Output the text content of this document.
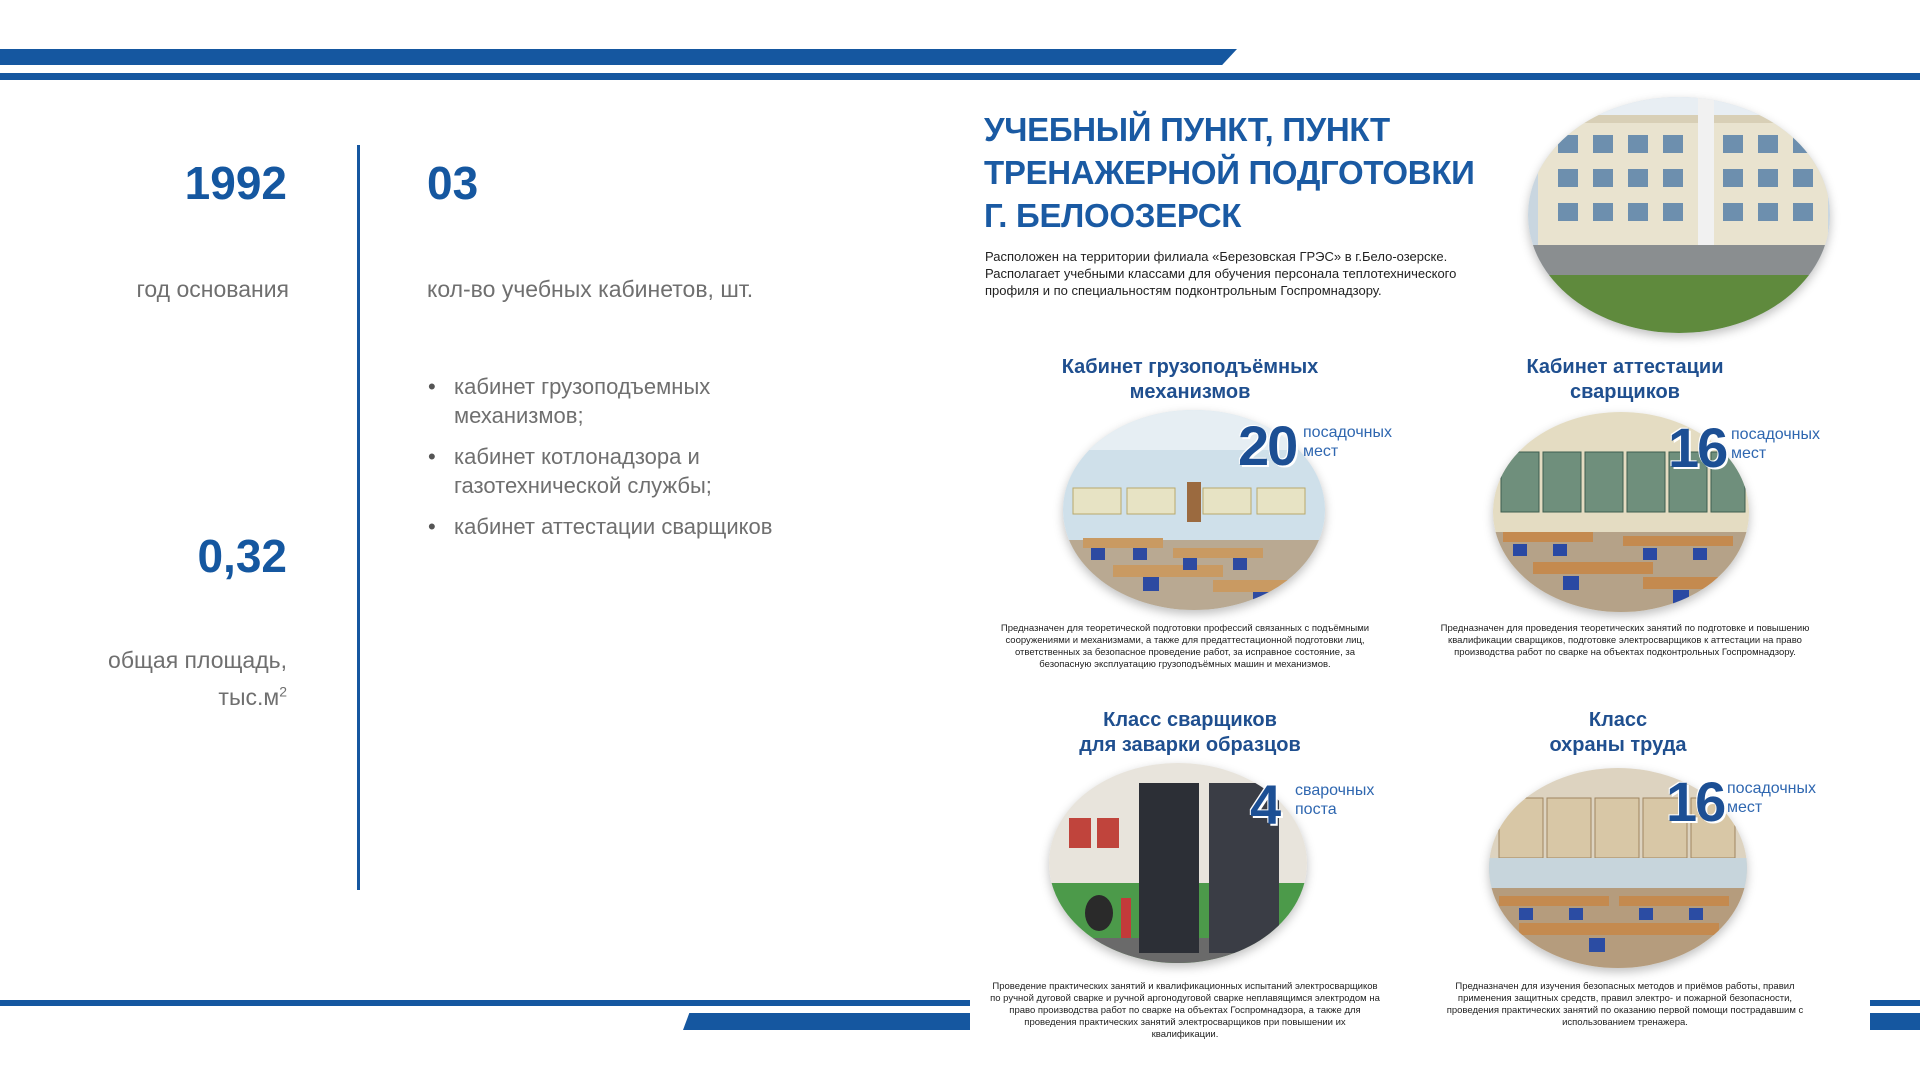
1992
год основания
0,32
общая площадь,
$тыс.м^2$
03
кол-во учебных кабинетов, шт.
• кабинет грузоподъемных механизмов;
• кабинет котлонадзора и газотехнической службы;
• кабинет аттестации сварщиков
УЧЕБНЫЙ ПУНКТ, ПУНКТ
ТРЕНАЖЕРНОЙ ПОДГОТОВКИ
Г. БЕЛООЗЕРСК
Расположен на территории филиала «Березовская ГРЭС» в г.Бело-озерске. Располагает учебными классами для обучения персонала теплотехнического профиля и по специальностям подконтрольным Госпромнадзору.
Кабинет грузоподъёмных
механизмов
20 посадочных
мест
Предназначен для теоретической подготовки профессий связанных с подъёмными сооружениями и механизмами, а также для предаттестационной подготовки лиц, ответственных за безопасное проведение работ, за исправное состояние, за безопасную эксплуатацию грузоподъёмных машин и механизмов.
Кабинет аттестации
сварщиков
16 посадочных
мест
Предназначен для проведения теоретических занятий по подготовке и повышению квалификации сварщиков, подготовке электросварщиков к аттестации на право производства работ по сварке на объектах подконтрольных Госпромнадзору.
Класс сварщиков
для заварки образцов
4 сварочных
поста
Проведение практических занятий и квалификационных испытаний электросварщиков по ручной дуговой сварке и ручной аргонодуговой сварке неплавящимся электродом на право производства работ по сварке на объектах Госпромнадзора, а также для проведения практических занятий электросварщиков при повышении их квалификации.
Класс
охраны труда
16 посадочных
мест
Предназначен для изучения безопасных методов и приёмов работы, правил применения защитных средств, правил электро- и пожарной безопасности, проведения практических занятий по оказанию первой помощи пострадавшим с использованием тренажера.
